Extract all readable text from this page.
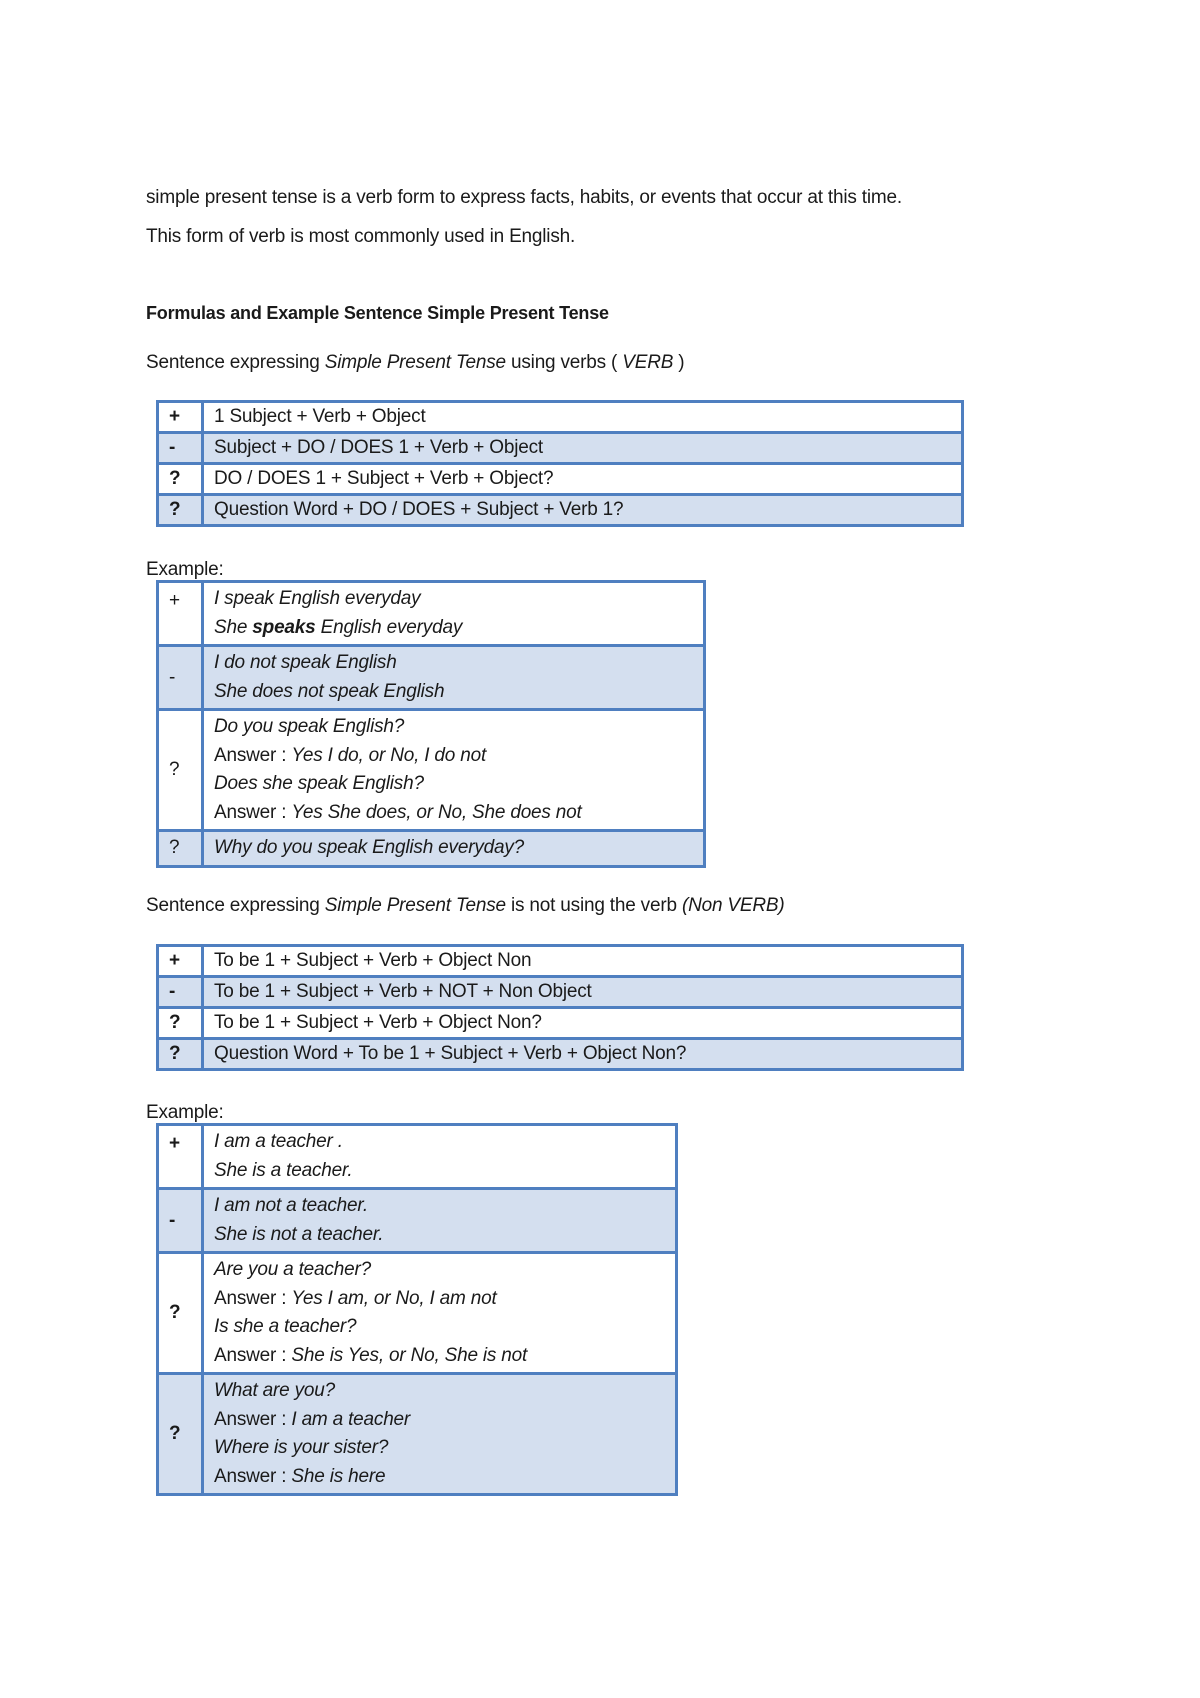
simple present tense is a verb form to express facts, habits, or events that occur at this time.
This form of verb is most commonly used in English.
Formulas and Example Sentence Simple Present Tense
Sentence expressing Simple Present Tense using verbs ( VERB )
+	1 Subject + Verb + Object
-	Subject + DO / DOES 1 + Verb + Object
?	DO / DOES 1 + Subject + Verb + Object?
?	Question Word + DO / DOES + Subject + Verb 1?
Example:
+	I speak English everyday
She speaks English everyday

-	I do not speak English
She does not speak English

?	Do you speak English?
Answer : Yes I do, or No, I do not
Does she speak English?
Answer : Yes She does, or No, She does not

?	Why do you speak English everyday?
Sentence expressing Simple Present Tense is not using the verb (Non VERB)
+	To be 1 + Subject + Verb + Object Non
-	To be 1 + Subject + Verb + NOT + Non Object
?	To be 1 + Subject + Verb + Object Non?
?	Question Word + To be 1 + Subject + Verb + Object Non?
Example:
+	I am a teacher .
She is a teacher.

-	I am not a teacher.
She is not a teacher.

?	Are you a teacher?
Answer : Yes I am, or No, I am not
Is she a teacher?
Answer : She is Yes, or No, She is not

?	What are you?
Answer : I am a teacher
Where is your sister?
Answer : She is here
